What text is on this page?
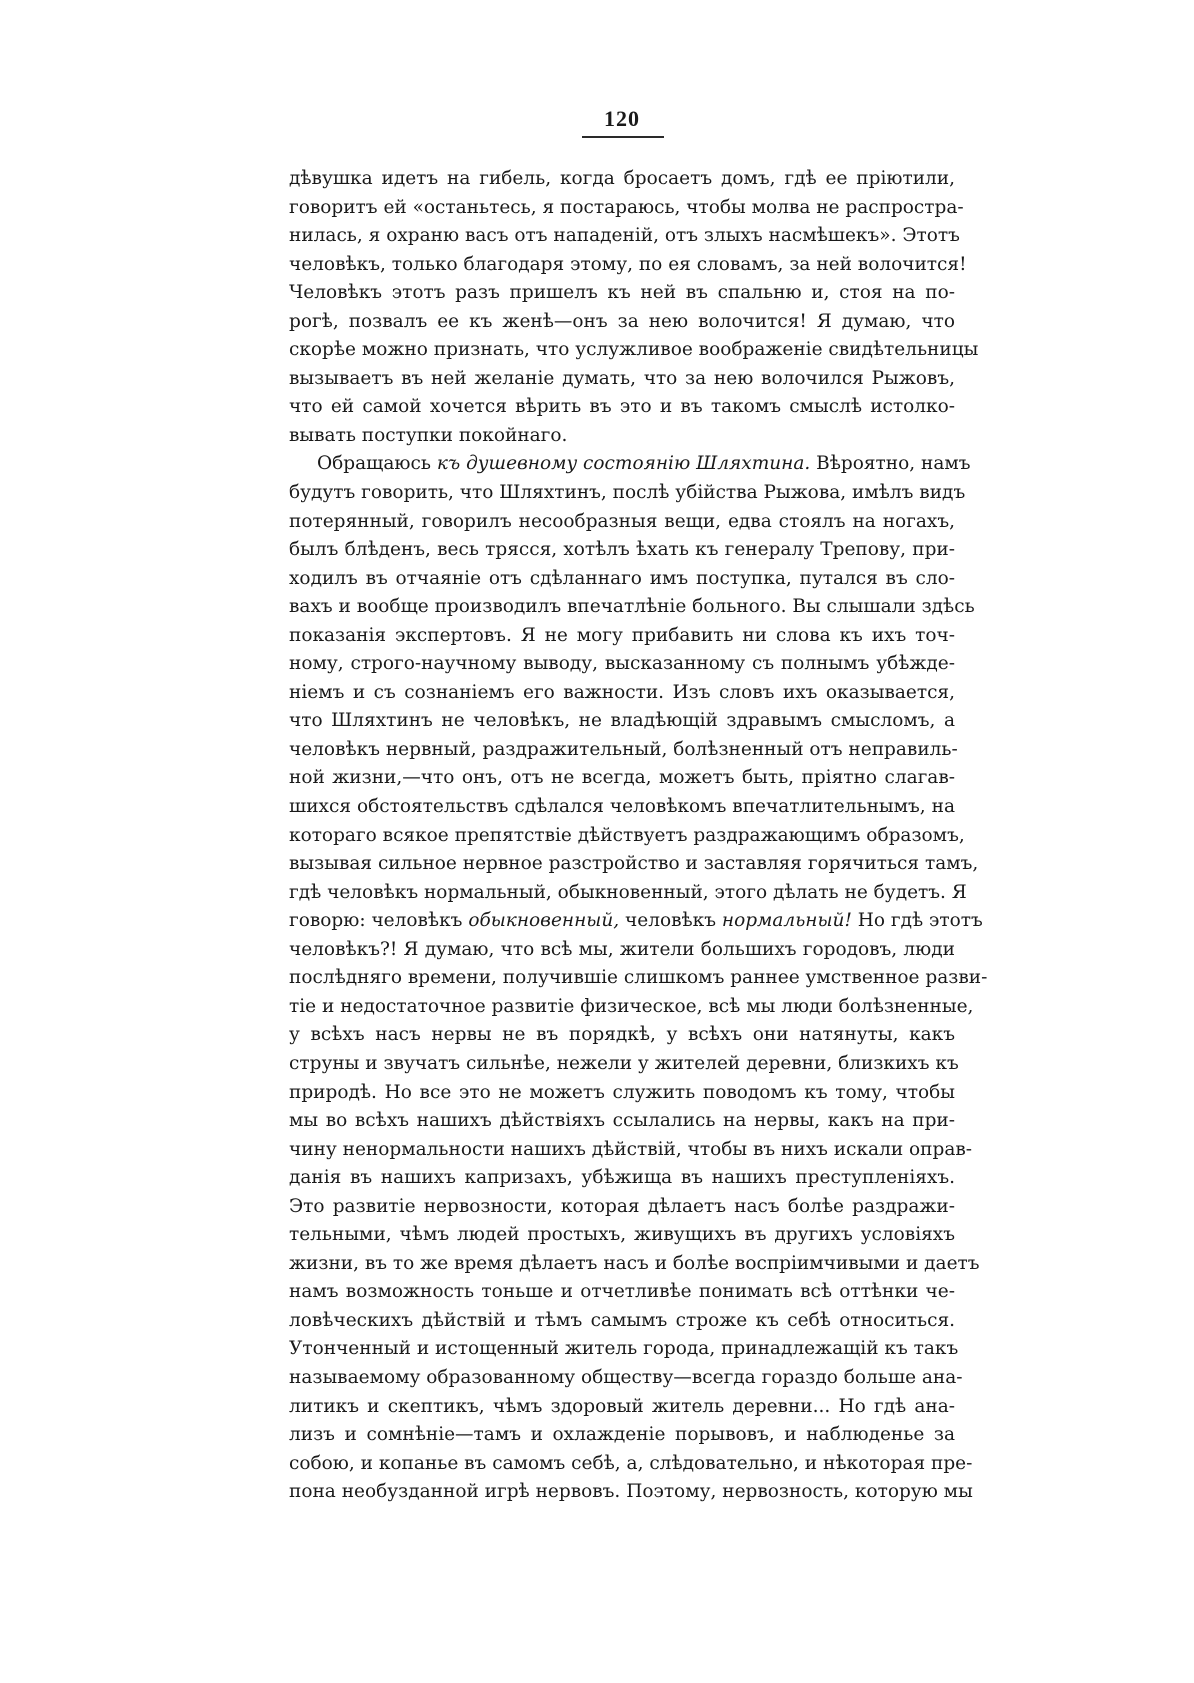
120
дѣвушка идетъ на гибель, когда бросаетъ домъ, гдѣ ее пріютили,
говоритъ ей «останьтесь, я постараюсь, чтобы молва не распростра-
нилась, я охраню васъ отъ нападеній, отъ злыхъ насмѣшекъ». Этотъ
человѣкъ, только благодаря этому, по ея словамъ, за ней волочится!
Человѣкъ этотъ разъ пришелъ къ ней въ спальню и, стоя на по-
рогѣ, позвалъ ее къ женѣ—онъ за нею волочится! Я думаю, что
скорѣе можно признать, что услужливое воображеніе свидѣтельницы
вызываетъ въ ней желаніе думать, что за нею волочился Рыжовъ,
что ей самой хочется вѣрить въ это и въ такомъ смыслѣ истолко-
вывать поступки покойнаго.
Обращаюсь къ душевному состоянію Шляхтина. Вѣроятно, намъ
будутъ говорить, что Шляхтинъ, послѣ убійства Рыжова, имѣлъ видъ
потерянный, говорилъ несообразныя вещи, едва стоялъ на ногахъ,
былъ блѣденъ, весь трясся, хотѣлъ ѣхать къ генералу Трепову, при-
ходилъ въ отчаяніе отъ сдѣланнаго имъ поступка, путался въ сло-
вахъ и вообще производилъ впечатлѣніе больного. Вы слышали здѣсь
показанія экспертовъ. Я не могу прибавить ни слова къ ихъ точ-
ному, строго-научному выводу, высказанному съ полнымъ убѣжде-
ніемъ и съ сознаніемъ его важности. Изъ словъ ихъ оказывается,
что Шляхтинъ не человѣкъ, не владѣющій здравымъ смысломъ, а
человѣкъ нервный, раздражительный, болѣзненный отъ неправиль-
ной жизни,—что онъ, отъ не всегда, можетъ быть, пріятно слагав-
шихся обстоятельствъ сдѣлался человѣкомъ впечатлительнымъ, на
котораго всякое препятствіе дѣйствуетъ раздражающимъ образомъ,
вызывая сильное нервное разстройство и заставляя горячиться тамъ,
гдѣ человѣкъ нормальный, обыкновенный, этого дѣлать не будетъ. Я
говорю: человѣкъ обыкновенный, человѣкъ нормальный! Но гдѣ этотъ
человѣкъ?! Я думаю, что всѣ мы, жители большихъ городовъ, люди
послѣдняго времени, получившіе слишкомъ раннее умственное разви-
тіе и недостаточное развитіе физическое, всѣ мы люди болѣзненные,
у всѣхъ насъ нервы не въ порядкѣ, у всѣхъ они натянуты, какъ
струны и звучатъ сильнѣе, нежели у жителей деревни, близкихъ къ
природѣ. Но все это не можетъ служить поводомъ къ тому, чтобы
мы во всѣхъ нашихъ дѣйствіяхъ ссылались на нервы, какъ на при-
чину ненормальности нашихъ дѣйствій, чтобы въ нихъ искали оправ-
данія въ нашихъ капризахъ, убѣжища въ нашихъ преступленіяхъ.
Это развитіе нервозности, которая дѣлаетъ насъ болѣе раздражи-
тельными, чѣмъ людей простыхъ, живущихъ въ другихъ условіяхъ
жизни, въ то же время дѣлаетъ насъ и болѣе воспріимчивыми и даетъ
намъ возможность тоньше и отчетливѣе понимать всѣ оттѣнки че-
ловѣческихъ дѣйствій и тѣмъ самымъ строже къ себѣ относиться.
Утонченный и истощенный житель города, принадлежащій къ такъ
называемому образованному обществу—всегда гораздо больше ана-
литикъ и скептикъ, чѣмъ здоровый житель деревни... Но гдѣ ана-
лизъ и сомнѣніе—тамъ и охлажденіе порывовъ, и наблюденье за
собою, и копанье въ самомъ себѣ, а, слѣдовательно, и нѣкоторая пре-
пона необузданной игрѣ нервовъ. Поэтому, нервозность, которую мы
